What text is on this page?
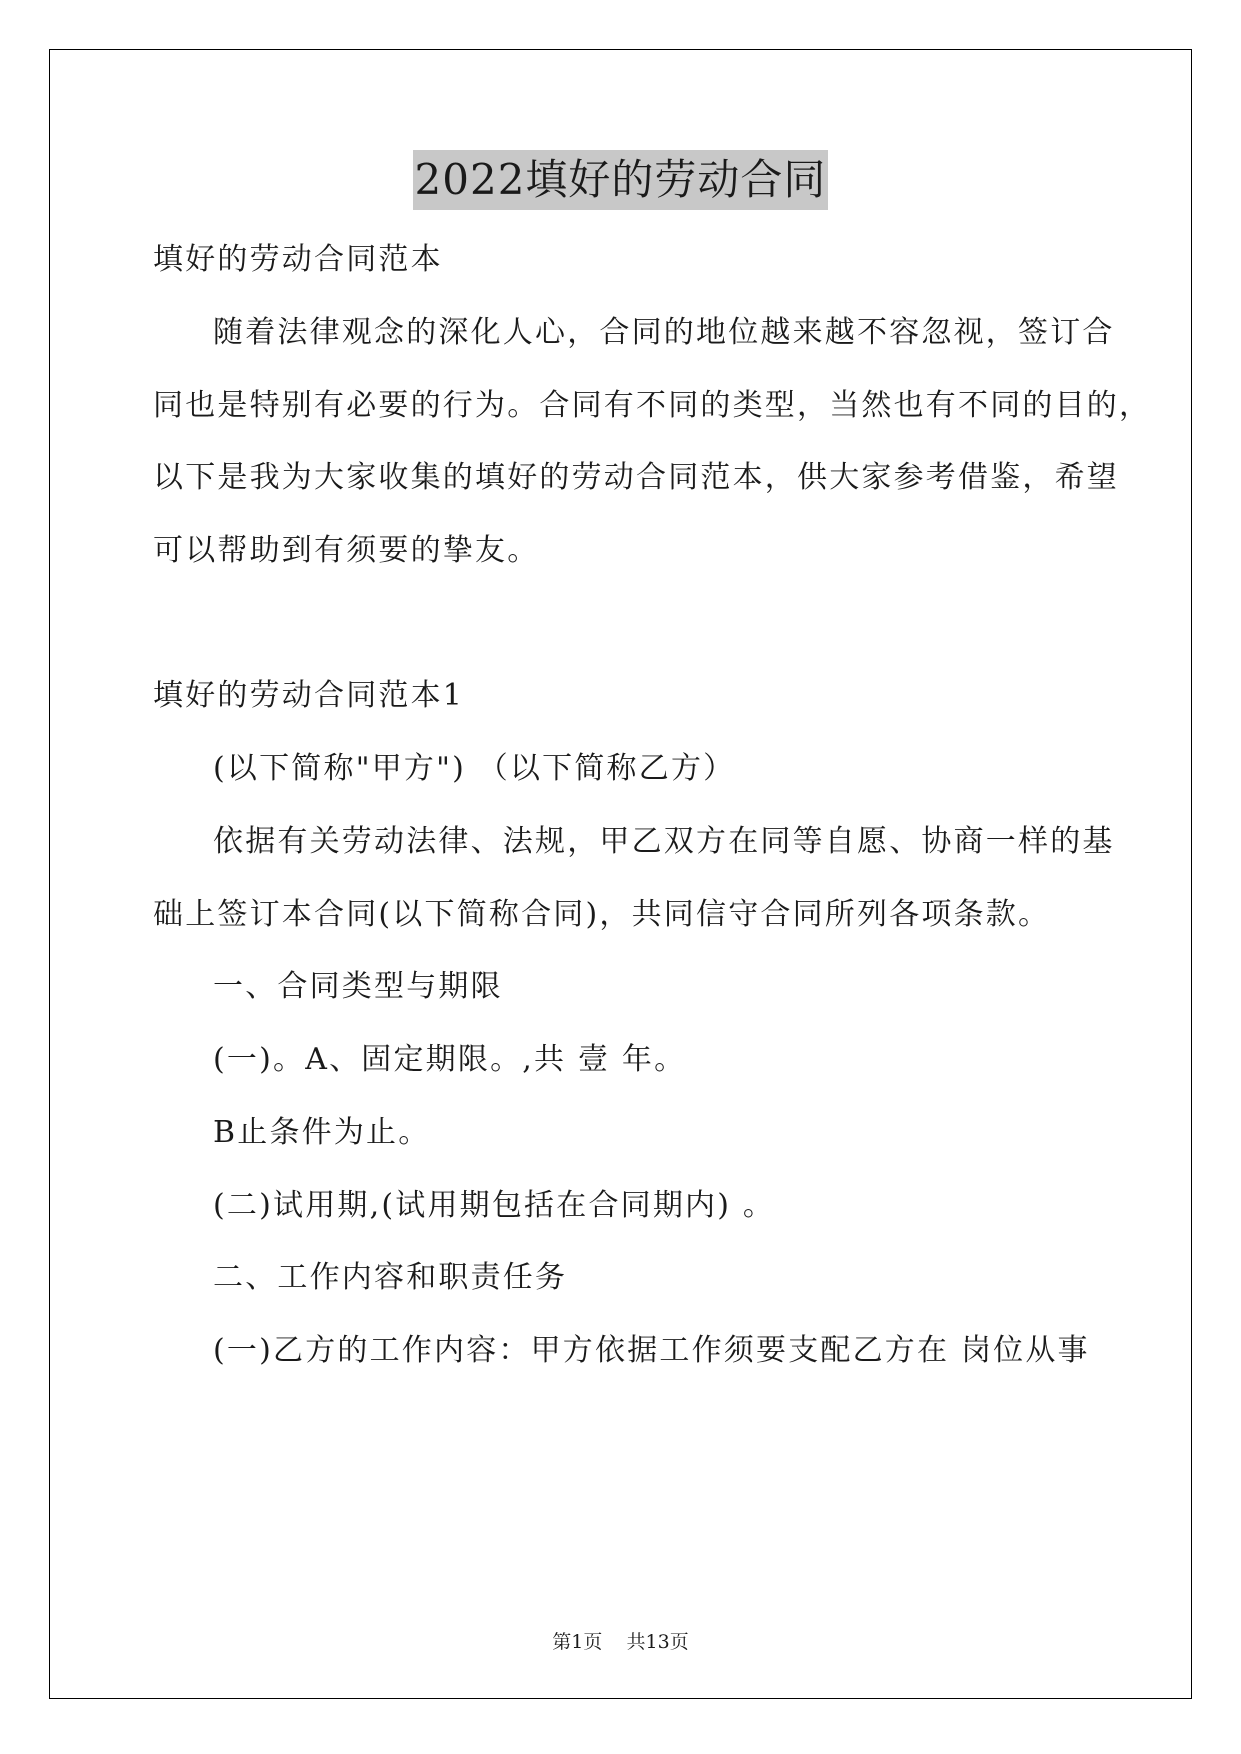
2022填好的劳动合同
填好的劳动合同范本
随着法律观念的深化人心，合同的地位越来越不容忽视，签订合
同也是特别有必要的行为。合同有不同的类型，当然也有不同的目的，
以下是我为大家收集的填好的劳动合同范本，供大家参考借鉴，希望
可以帮助到有须要的挚友。
填好的劳动合同范本1
(以下简称"甲方") （以下简称乙方）
依据有关劳动法律、法规，甲乙双方在同等自愿、协商一样的基
础上签订本合同(以下简称合同)，共同信守合同所列各项条款。
一、合同类型与期限
(一)。A、固定期限。,共 壹 年。
B止条件为止。
(二)试用期,(试用期包括在合同期内) 。
二、工作内容和职责任务
(一)乙方的工作内容：甲方依据工作须要支配乙方在 岗位从事
第1页    共13页
